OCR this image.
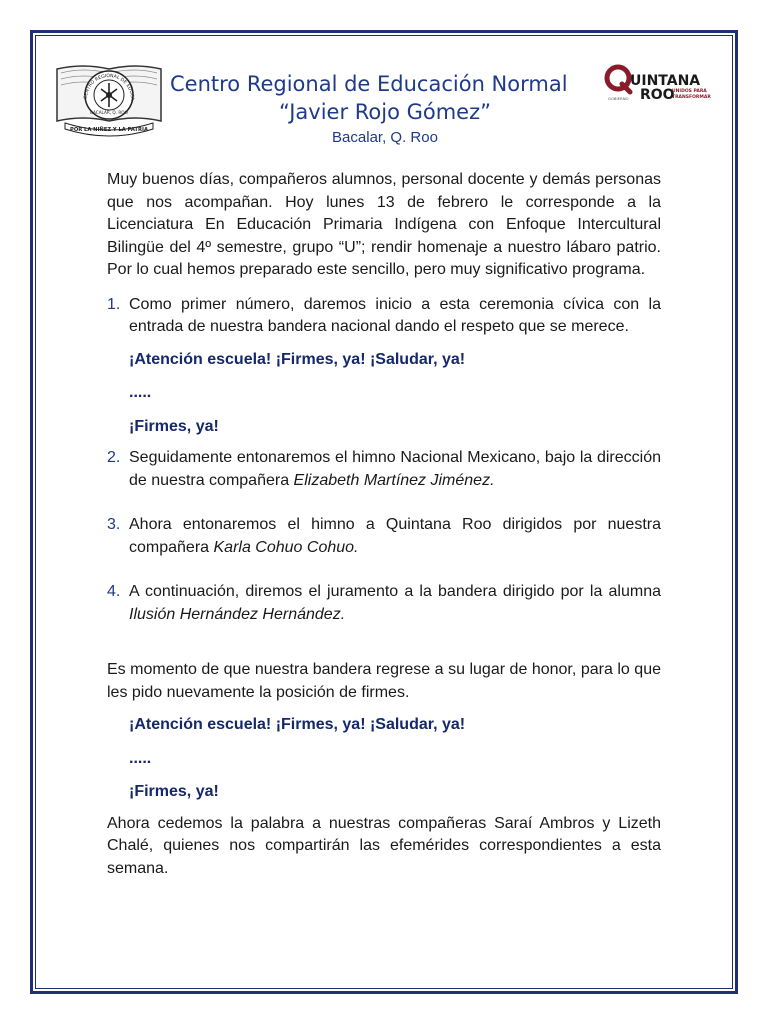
CENTRO REGIONAL DE EDUCA
BACALAR, Q. ROO
POR LA NIÑEZ Y LA PATRIA
UINTANA
ROO
UNIDOS PARA
TRANSFORMAR
GOBIERNO
Centro Regional de Educación Normal
“Javier Rojo Gómez”
Bacalar, Q. Roo

Muy buenos días, compañeros alumnos, personal docente y demás personas que nos acompañan. Hoy lunes 13 de febrero le corresponde a la Licenciatura En Educación Primaria Indígena con Enfoque Intercultural Bilingüe del 4º semestre, grupo “U”; rendir homenaje a nuestro lábaro patrio. Por lo cual hemos preparado este sencillo, pero muy significativo programa.

1. Como primer número, daremos inicio a esta ceremonia cívica con la entrada de nuestra bandera nacional dando el respeto que se merece.
¡Atención escuela! ¡Firmes, ya! ¡Saludar, ya!
.....
¡Firmes, ya!
2. Seguidamente entonaremos el himno Nacional Mexicano, bajo la dirección de nuestra compañera Elizabeth Martínez Jiménez.
3. Ahora entonaremos el himno a Quintana Roo dirigidos por nuestra compañera Karla Cohuo Cohuo.
4. A continuación, diremos el juramento a la bandera dirigido por la alumna Ilusión Hernández Hernández.

Es momento de que nuestra bandera regrese a su lugar de honor, para lo que les pido nuevamente la posición de firmes.

¡Atención escuela! ¡Firmes, ya! ¡Saludar, ya!
.....
¡Firmes, ya!

Ahora cedemos la palabra a nuestras compañeras Saraí Ambros y Lizeth Chalé, quienes nos compartirán las efemérides correspondientes a esta semana.
